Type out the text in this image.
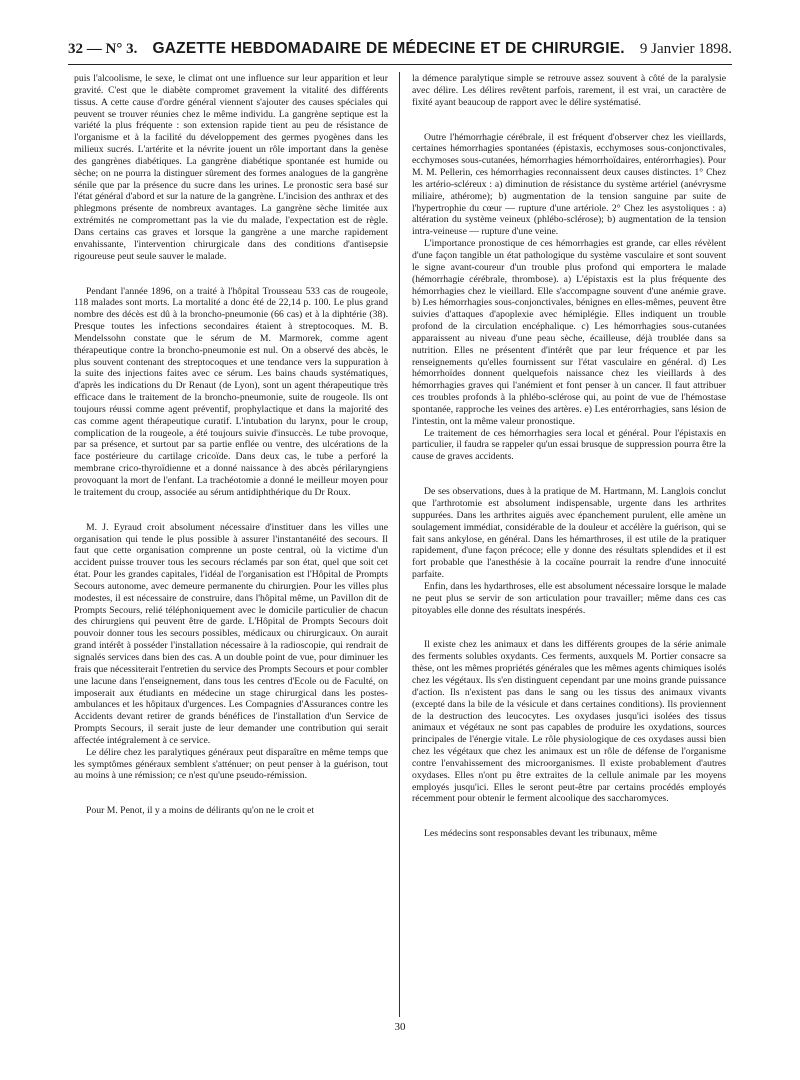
32 — N° 3. GAZETTE HEBDOMADAIRE DE MÉDECINE ET DE CHIRURGIE. 9 Janvier 1898.

puis l'alcoolisme, le sexe, le climat ont une influence sur leur apparition et leur gravité. C'est que le diabète compromet gravement la vitalité des différents tissus. A cette cause d'ordre général viennent s'ajouter des causes spéciales qui peuvent se trouver réunies chez le même individu. La gangrène septique est la variété la plus fréquente : son extension rapide tient au peu de résistance de l'organisme et à la facilité du développement des germes pyogènes dans les milieux sucrés. L'artérite et la névrite jouent un rôle important dans la genèse des gangrènes diabétiques. La gangrène diabétique spontanée est humide ou sèche; on ne pourra la distinguer sûrement des formes analogues de la gangrène sénile que par la présence du sucre dans les urines. Le pronostic sera basé sur l'état général d'abord et sur la nature de la gangrène. L'incision des anthrax et des phlegmons présente de nombreux avantages. La gangrène sèche limitée aux extrémités ne compromettant pas la vie du malade, l'expectation est de règle. Dans certains cas graves et lorsque la gangrène a une marche rapidement envahissante, l'intervention chirurgicale dans des conditions d'antisepsie rigoureuse peut seule sauver le malade.

Pendant l'année 1896, on a traité à l'hôpital Trousseau 533 cas de rougeole, 118 malades sont morts. La mortalité a donc été de 22,14 p. 100. Le plus grand nombre des décès est dû à la broncho-pneumonie (66 cas) et à la diphtérie (38). Presque toutes les infections secondaires étaient à streptocoques. M. B. Mendelssohn constate que le sérum de M. Marmorek, comme agent thérapeutique contre la broncho-pneumonie est nul. On a observé des abcès, le plus souvent contenant des streptocoques et une tendance vers la suppuration à la suite des injections faites avec ce sérum. Les bains chauds systématiques, d'après les indications du Dr Renaut (de Lyon), sont un agent thérapeutique très efficace dans le traitement de la broncho-pneumonie, suite de rougeole. Ils ont toujours réussi comme agent préventif, prophylactique et dans la majorité des cas comme agent thérapeutique curatif. L'intubation du larynx, pour le croup, complication de la rougeole, a été toujours suivie d'insuccès. Le tube provoque, par sa présence, et surtout par sa partie enflée ou ventre, des ulcérations de la face postérieure du cartilage cricoïde. Dans deux cas, le tube a perforé la membrane crico-thyroïdienne et a donné naissance à des abcès périlaryngiens provoquant la mort de l'enfant. La trachéotomie a donné le meilleur moyen pour le traitement du croup, associée au sérum antidiphthérique du Dr Roux.

M. J. Eyraud croit absolument nécessaire d'instituer dans les villes une organisation qui tende le plus possible à assurer l'instantanéité des secours. Il faut que cette organisation comprenne un poste central, où la victime d'un accident puisse trouver tous les secours réclamés par son état, quel que soit cet état. Pour les grandes capitales, l'idéal de l'organisation est l'Hôpital de Prompts Secours autonome, avec demeure permanente du chirurgien. Pour les villes plus modestes, il est nécessaire de construire, dans l'hôpital même, un Pavillon dit de Prompts Secours, relié téléphoniquement avec le domicile particulier de chacun des chirurgiens qui peuvent être de garde. L'Hôpital de Prompts Secours doit pouvoir donner tous les secours possibles, médicaux ou chirurgicaux. On aurait grand intérêt à posséder l'installation nécessaire à la radioscopie, qui rendrait de signalés services dans bien des cas. A un double point de vue, pour diminuer les frais que nécessiterait l'entretien du service des Prompts Secours et pour combler une lacune dans l'enseignement, dans tous les centres d'Ecole ou de Faculté, on imposerait aux étudiants en médecine un stage chirurgical dans les postes-ambulances et les hôpitaux d'urgences. Les Compagnies d'Assurances contre les Accidents devant retirer de grands bénéfices de l'installation d'un Service de Prompts Secours, il serait juste de leur demander une contribution qui serait affectée intégralement à ce service.

Le délire chez les paralytiques généraux peut disparaître en même temps que les symptômes généraux semblent s'atténuer; on peut penser à la guérison, tout au moins à une rémission; ce n'est qu'une pseudo-rémission.

Pour M. Penot, il y a moins de délirants qu'on ne le croit et

la démence paralytique simple se retrouve assez souvent à côté de la paralysie avec délire. Les délires revêtent parfois, rarement, il est vrai, un caractère de fixité ayant beaucoup de rapport avec le délire systématisé.

Outre l'hémorrhagie cérébrale, il est fréquent d'observer chez les vieillards, certaines hémorrhagies spontanées (épistaxis, ecchymoses sous-conjonctivales, ecchymoses sous-cutanées, hémorrhagies hémorrhoïdaires, entérorrhagies). Pour M. M. Pellerin, ces hémorrhagies reconnaissent deux causes distinctes. 1° Chez les artério-scléreux : a) diminution de résistance du système artériel (anévrysme miliaire, athérome); b) augmentation de la tension sanguine par suite de l'hypertrophie du cœur — rupture d'une artériole. 2° Chez les asystoliques : a) altération du système veineux (phlébo-sclérose); b) augmentation de la tension intra-veineuse — rupture d'une veine.

L'importance pronostique de ces hémorrhagies est grande, car elles révèlent d'une façon tangible un état pathologique du système vasculaire et sont souvent le signe avant-coureur d'un trouble plus profond qui emportera le malade (hémorrhagie cérébrale, thrombose). a) L'épistaxis est la plus fréquente des hémorrhagies chez le vieillard. Elle s'accompagne souvent d'une anémie grave. b) Les hémorrhagies sous-conjonctivales, bénignes en elles-mêmes, peuvent être suivies d'attaques d'apoplexie avec hémiplégie. Elles indiquent un trouble profond de la circulation encéphalique. c) Les hémorrhagies sous-cutanées apparaissent au niveau d'une peau sèche, écailleuse, déjà troublée dans sa nutrition. Elles ne présentent d'intérêt que par leur fréquence et par les renseignements qu'elles fournissent sur l'état vasculaire en général. d) Les hémorrhoïdes donnent quelquefois naissance chez les vieillards à des hémorrhagies graves qui l'anémient et font penser à un cancer. Il faut attribuer ces troubles profonds à la phlébo-sclérose qui, au point de vue de l'hémostase spontanée, rapproche les veines des artères. e) Les entérorrhagies, sans lésion de l'intestin, ont la même valeur pronostique.

Le traitement de ces hémorrhagies sera local et général. Pour l'épistaxis en particulier, il faudra se rappeler qu'un essai brusque de suppression pourra être la cause de graves accidents.

De ses observations, dues à la pratique de M. Hartmann, M. Langlois conclut que l'arthrotomie est absolument indispensable, urgente dans les arthrites suppurées. Dans les arthrites aiguës avec épanchement purulent, elle amène un soulagement immédiat, considérable de la douleur et accélère la guérison, qui se fait sans ankylose, en général. Dans les hémarthroses, il est utile de la pratiquer rapidement, d'une façon précoce; elle y donne des résultats splendides et il est fort probable que l'anesthésie à la cocaïne pourrait la rendre d'une innocuité parfaite.

Enfin, dans les hydarthroses, elle est absolument nécessaire lorsque le malade ne peut plus se servir de son articulation pour travailler; même dans ces cas pitoyables elle donne des résultats inespérés.

Il existe chez les animaux et dans les différents groupes de la série animale des ferments solubles oxydants. Ces ferments, auxquels M. Portier consacre sa thèse, ont les mêmes propriétés générales que les mêmes agents chimiques isolés chez les végétaux. Ils s'en distinguent cependant par une moins grande puissance d'action. Ils n'existent pas dans le sang ou les tissus des animaux vivants (excepté dans la bile de la vésicule et dans certaines conditions). Ils proviennent de la destruction des leucocytes. Les oxydases jusqu'ici isolées des tissus animaux et végétaux ne sont pas capables de produire les oxydations, sources principales de l'énergie vitale. Le rôle physiologique de ces oxydases aussi bien chez les végétaux que chez les animaux est un rôle de défense de l'organisme contre l'envahissement des microorganismes. Il existe probablement d'autres oxydases. Elles n'ont pu être extraites de la cellule animale par les moyens employés jusqu'ici. Elles le seront peut-être par certains procédés employés récemment pour obtenir le ferment alcoolique des saccharomyces.

Les médecins sont responsables devant les tribunaux, même

30
